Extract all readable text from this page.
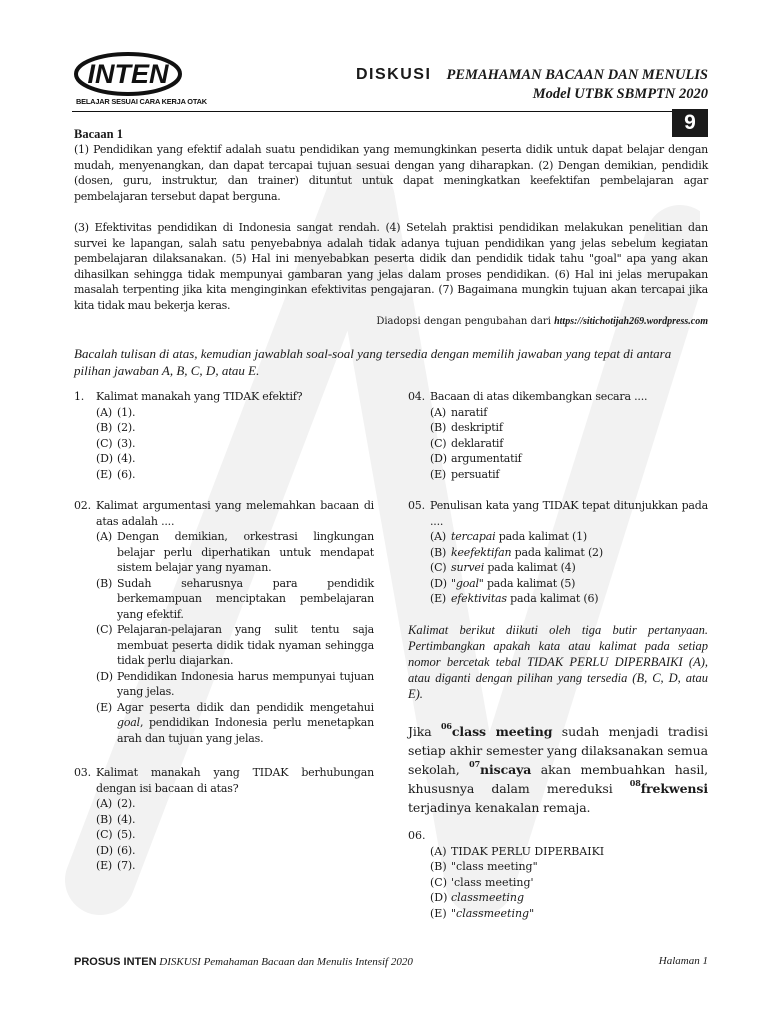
INTEN
BELAJAR SESUAI CARA KERJA OTAK
DISKUSI PEMAHAMAN BACAAN DAN MENULIS
Model UTBK SBMPTN 2020
9
Bacaan 1
(1) Pendidikan yang efektif adalah suatu pendidikan yang memungkinkan peserta didik untuk dapat belajar dengan mudah, menyenangkan, dan dapat tercapai tujuan sesuai dengan yang diharapkan. (2) Dengan demikian, pendidik (dosen, guru, instruktur, dan trainer) dituntut untuk dapat meningkatkan keefektifan pembelajaran agar pembelajaran tersebut dapat berguna.
(3) Efektivitas pendidikan di Indonesia sangat rendah. (4) Setelah praktisi pendidikan melakukan penelitian dan survei ke lapangan, salah satu penyebabnya adalah tidak adanya tujuan pendidikan yang jelas sebelum kegiatan pembelajaran dilaksanakan. (5) Hal ini menyebabkan peserta didik dan pendidik tidak tahu "goal" apa yang akan dihasilkan sehingga tidak mempunyai gambaran yang jelas dalam proses pendidikan. (6) Hal ini jelas merupakan masalah terpenting jika kita menginginkan efektivitas pengajaran. (7) Bagaimana mungkin tujuan akan tercapai jika kita tidak mau bekerja keras.
Diadopsi dengan pengubahan dari https://sitichotijah269.wordpress.com
Bacalah tulisan di atas, kemudian jawablah soal-soal yang tersedia dengan memilih jawaban yang tepat di antara pilihan jawaban A, B, C, D, atau E.
1. Kalimat manakah yang TIDAK efektif?
(A) (1).
(B) (2).
(C) (3).
(D) (4).
(E) (6).
02. Kalimat argumentasi yang melemahkan bacaan di atas adalah ....
(A) Dengan demikian, orkestrasi lingkungan belajar perlu diperhatikan untuk mendapat sistem belajar yang nyaman.
(B) Sudah seharusnya para pendidik berkemampuan menciptakan pembelajaran yang efektif.
(C) Pelajaran-pelajaran yang sulit tentu saja membuat peserta didik tidak nyaman sehingga tidak perlu diajarkan.
(D) Pendidikan Indonesia harus mempunyai tujuan yang jelas.
(E) Agar peserta didik dan pendidik mengetahui goal, pendidikan Indonesia perlu menetapkan arah dan tujuan yang jelas.
03. Kalimat manakah yang TIDAK berhubungan dengan isi bacaan di atas?
(A) (2).
(B) (4).
(C) (5).
(D) (6).
(E) (7).
04. Bacaan di atas dikembangkan secara ....
(A) naratif
(B) deskriptif
(C) deklaratif
(D) argumentatif
(E) persuatif
05. Penulisan kata yang TIDAK tepat ditunjukkan pada ....
(A) tercapai pada kalimat (1)
(B) keefektifan pada kalimat (2)
(C) survei pada kalimat (4)
(D) "goal" pada kalimat (5)
(E) efektivitas pada kalimat (6)
Kalimat berikut diikuti oleh tiga butir pertanyaan. Pertimbangkan apakah kata atau kalimat pada setiap nomor bercetak tebal TIDAK PERLU DIPERBAIKI (A), atau diganti dengan pilihan yang tersedia (B, C, D, atau E).
Jika $^{06}$class meeting sudah menjadi tradisi setiap akhir semester yang dilaksanakan semua sekolah, $^{07}$niscaya akan membuahkan hasil, khususnya dalam mereduksi $^{08}$frekwensi terjadinya kenakalan remaja.
06.
(A) TIDAK PERLU DIPERBAIKI
(B) "class meeting"
(C) 'class meeting'
(D) classmeeting
(E) "classmeeting"
PROSUS INTEN DISKUSI Pemahaman Bacaan dan Menulis Intensif 2020	Halaman 1
